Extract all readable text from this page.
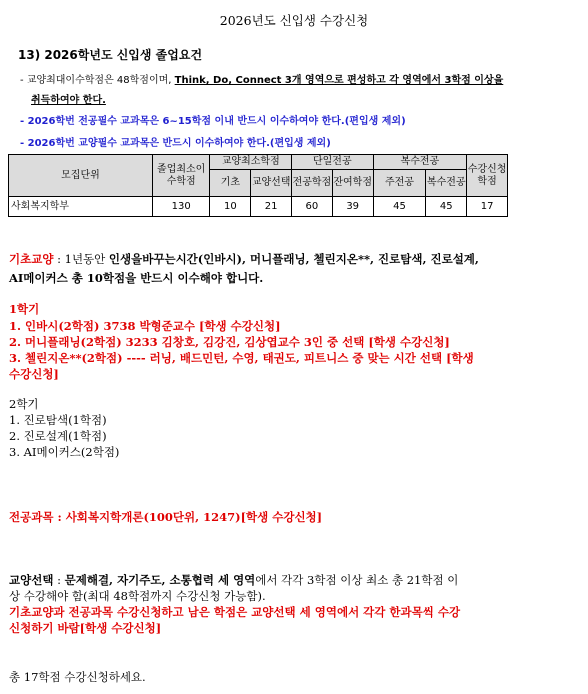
2026년도 신입생 수강신청
13) 2026학년도 신입생 졸업요건
- 교양최대이수학점은 48학점이며, Think, Do, Connect 3개 영역으로 편성하고 각 영역에서 3학점 이상을
취득하여야 한다.
- 2026학번 전공필수 교과목은 6~15학점 이내 반드시 이수하여야 한다.(편입생 제외)
- 2026학번 교양필수 교과목은 반드시 이수하여야 한다.(편입생 제외)
모집단위	졸업최소이수학점	교양최소학점		단일전공		복수전공		수강신청학점
		기초	교양선택	전공학점	잔여학점	주전공	복수전공	
사회복지학부	130	10	21	60	39	45	45	17
기초교양 : 1년동안 인생을바꾸는시간(인바시), 머니플래닝, 첼린지온**, 진로탐색, 진로설계,
AI메이커스 총 10학점을 반드시 이수해야 합니다.
1학기
1. 인바시(2학점) 3738 박형준교수 [학생 수강신청]
2. 머니플래닝(2학점) 3233 김창호, 김강진, 김상엽교수 3인 중 선택 [학생 수강신청]
3. 첼린지온**(2학점) ---- 러닝, 배드민턴, 수영, 태권도, 피트니스 중 맞는 시간 선택 [학생
수강신청]
2학기
1. 진로탐색(1학점)
2. 진로설계(1학점)
3. AI메이커스(2학점)
전공과목 : 사회복지학개론(100단위, 1247)[학생 수강신청]
교양선택 : 문제해결, 자기주도, 소통협력 세 영역에서 각각 3학점 이상 최소 총 21학점 이
상 수강해야 함(최대 48학점까지 수강신청 가능함).
기초교양과 전공과목 수강신청하고 남은 학점은 교양선택 세 영역에서 각각 한과목씩 수강
신청하기 바람[학생 수강신청]
총 17학점 수강신청하세요.
